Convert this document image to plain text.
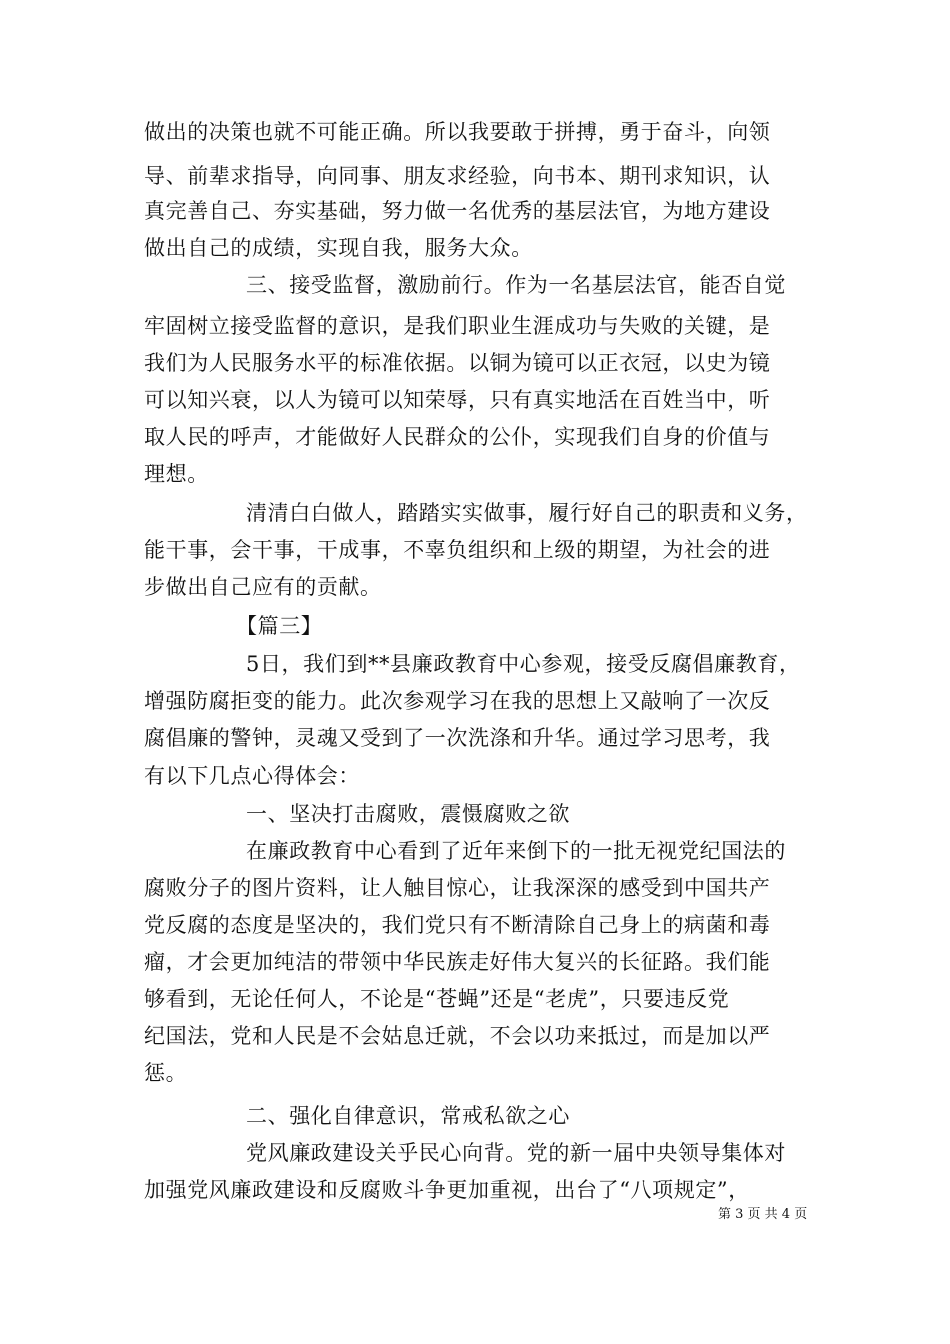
做出的决策也就不可能正确。所以我要敢于拼搏，勇于奋斗，向领
导、前辈求指导，向同事、朋友求经验，向书本、期刊求知识，认
真完善自己、夯实基础，努力做一名优秀的基层法官，为地方建设
做出自己的成绩，实现自我，服务大众。
三、接受监督，激励前行。作为一名基层法官，能否自觉
牢固树立接受监督的意识，是我们职业生涯成功与失败的关键，是
我们为人民服务水平的标准依据。以铜为镜可以正衣冠，以史为镜
可以知兴衰，以人为镜可以知荣辱，只有真实地活在百姓当中，听
取人民的呼声，才能做好人民群众的公仆，实现我们自身的价值与
理想。
清清白白做人，踏踏实实做事，履行好自己的职责和义务，
能干事，会干事，干成事，不辜负组织和上级的期望，为社会的进
步做出自己应有的贡献。
【篇三】
5日，我们到**县廉政教育中心参观，接受反腐倡廉教育，
增强防腐拒变的能力。此次参观学习在我的思想上又敲响了一次反
腐倡廉的警钟，灵魂又受到了一次洗涤和升华。通过学习思考，我
有以下几点心得体会：
一、坚决打击腐败，震慑腐败之欲
在廉政教育中心看到了近年来倒下的一批无视党纪国法的
腐败分子的图片资料，让人触目惊心，让我深深的感受到中国共产
党反腐的态度是坚决的，我们党只有不断清除自己身上的病菌和毒
瘤，才会更加纯洁的带领中华民族走好伟大复兴的长征路。我们能
够看到，无论任何人，不论是“苍蝇”还是“老虎”，只要违反党
纪国法，党和人民是不会姑息迁就，不会以功来抵过，而是加以严
惩。
二、强化自律意识，常戒私欲之心
党风廉政建设关乎民心向背。党的新一届中央领导集体对
加强党风廉政建设和反腐败斗争更加重视，出台了“八项规定”，
第 3 页 共 4 页
